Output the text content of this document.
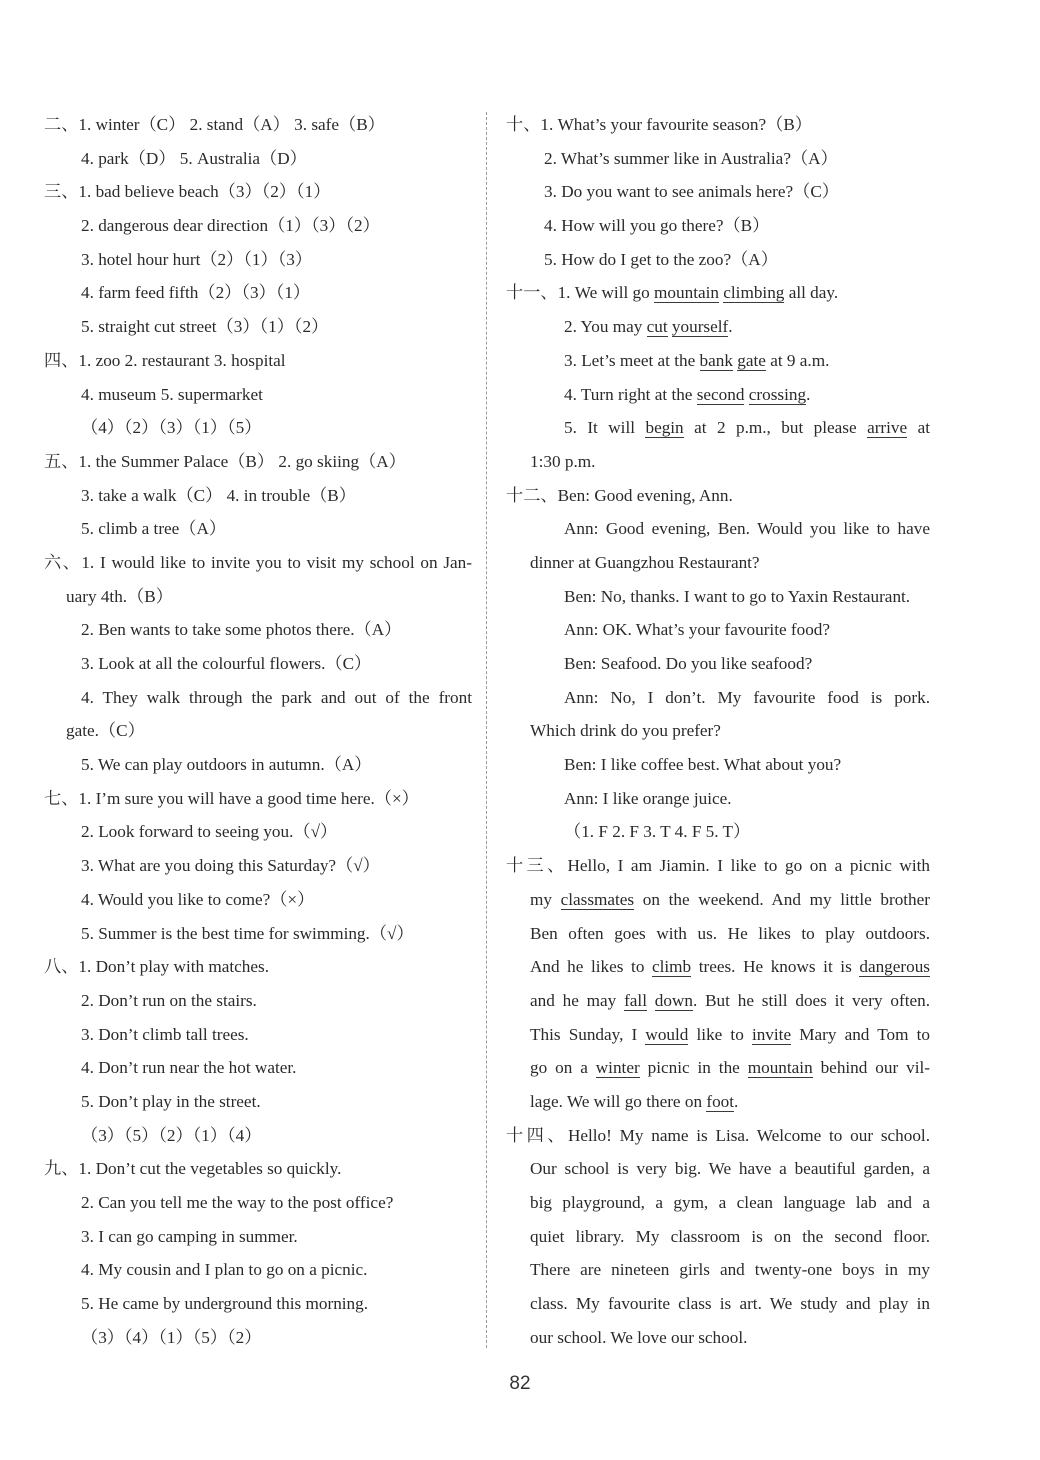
二、1. winter（C） 2. stand（A） 3. safe（B）
4. park（D） 5. Australia（D）
三、1. bad believe beach（3）（2）（1）
2. dangerous dear direction（1）（3）（2）
3. hotel hour hurt（2）（1）（3）
4. farm feed fifth（2）（3）（1）
5. straight cut street（3）（1）（2）
四、1. zoo 2. restaurant 3. hospital
4. museum 5. supermarket
（4）（2）（3）（1）（5）
五、1. the Summer Palace（B） 2. go skiing（A）
3. take a walk（C） 4. in trouble（B）
5. climb a tree（A）
六、1. I would like to invite you to visit my school on Jan-
uary 4th.（B）
2. Ben wants to take some photos there.（A）
3. Look at all the colourful flowers.（C）
4. They walk through the park and out of the front
gate.（C）
5. We can play outdoors in autumn.（A）
七、1. I’m sure you will have a good time here.（×）
2. Look forward to seeing you.（√）
3. What are you doing this Saturday?（√）
4. Would you like to come?（×）
5. Summer is the best time for swimming.（√）
八、1. Don’t play with matches.
2. Don’t run on the stairs.
3. Don’t climb tall trees.
4. Don’t run near the hot water.
5. Don’t play in the street.
（3）（5）（2）（1）（4）
九、1. Don’t cut the vegetables so quickly.
2. Can you tell me the way to the post office?
3. I can go camping in summer.
4. My cousin and I plan to go on a picnic.
5. He came by underground this morning.
（3）（4）（1）（5）（2）
十、1. What’s your favourite season?（B）
2. What’s summer like in Australia?（A）
3. Do you want to see animals here?（C）
4. How will you go there?（B）
5. How do I get to the zoo?（A）
十一、1. We will go mountain climbing all day.
2. You may cut yourself.
3. Let’s meet at the bank gate at 9 a.m.
4. Turn right at the second crossing.
5. It will begin at 2 p.m., but please arrive at
1:30 p.m.
十二、Ben: Good evening, Ann.
Ann: Good evening, Ben. Would you like to have
dinner at Guangzhou Restaurant?
Ben: No, thanks. I want to go to Yaxin Restaurant.
Ann: OK. What’s your favourite food?
Ben: Seafood. Do you like seafood?
Ann: No, I don’t. My favourite food is pork.
Which drink do you prefer?
Ben: I like coffee best. What about you?
Ann: I like orange juice.
（1. F 2. F 3. T 4. F 5. T）
十三、Hello, I am Jiamin. I like to go on a picnic with
my classmates on the weekend. And my little brother
Ben often goes with us. He likes to play outdoors.
And he likes to climb trees. He knows it is dangerous
and he may fall down. But he still does it very often.
This Sunday, I would like to invite Mary and Tom to
go on a winter picnic in the mountain behind our vil-
lage. We will go there on foot.
十四、Hello! My name is Lisa. Welcome to our school.
Our school is very big. We have a beautiful garden, a
big playground, a gym, a clean language lab and a
quiet library. My classroom is on the second floor.
There are nineteen girls and twenty-one boys in my
class. My favourite class is art. We study and play in
our school. We love our school.
82
